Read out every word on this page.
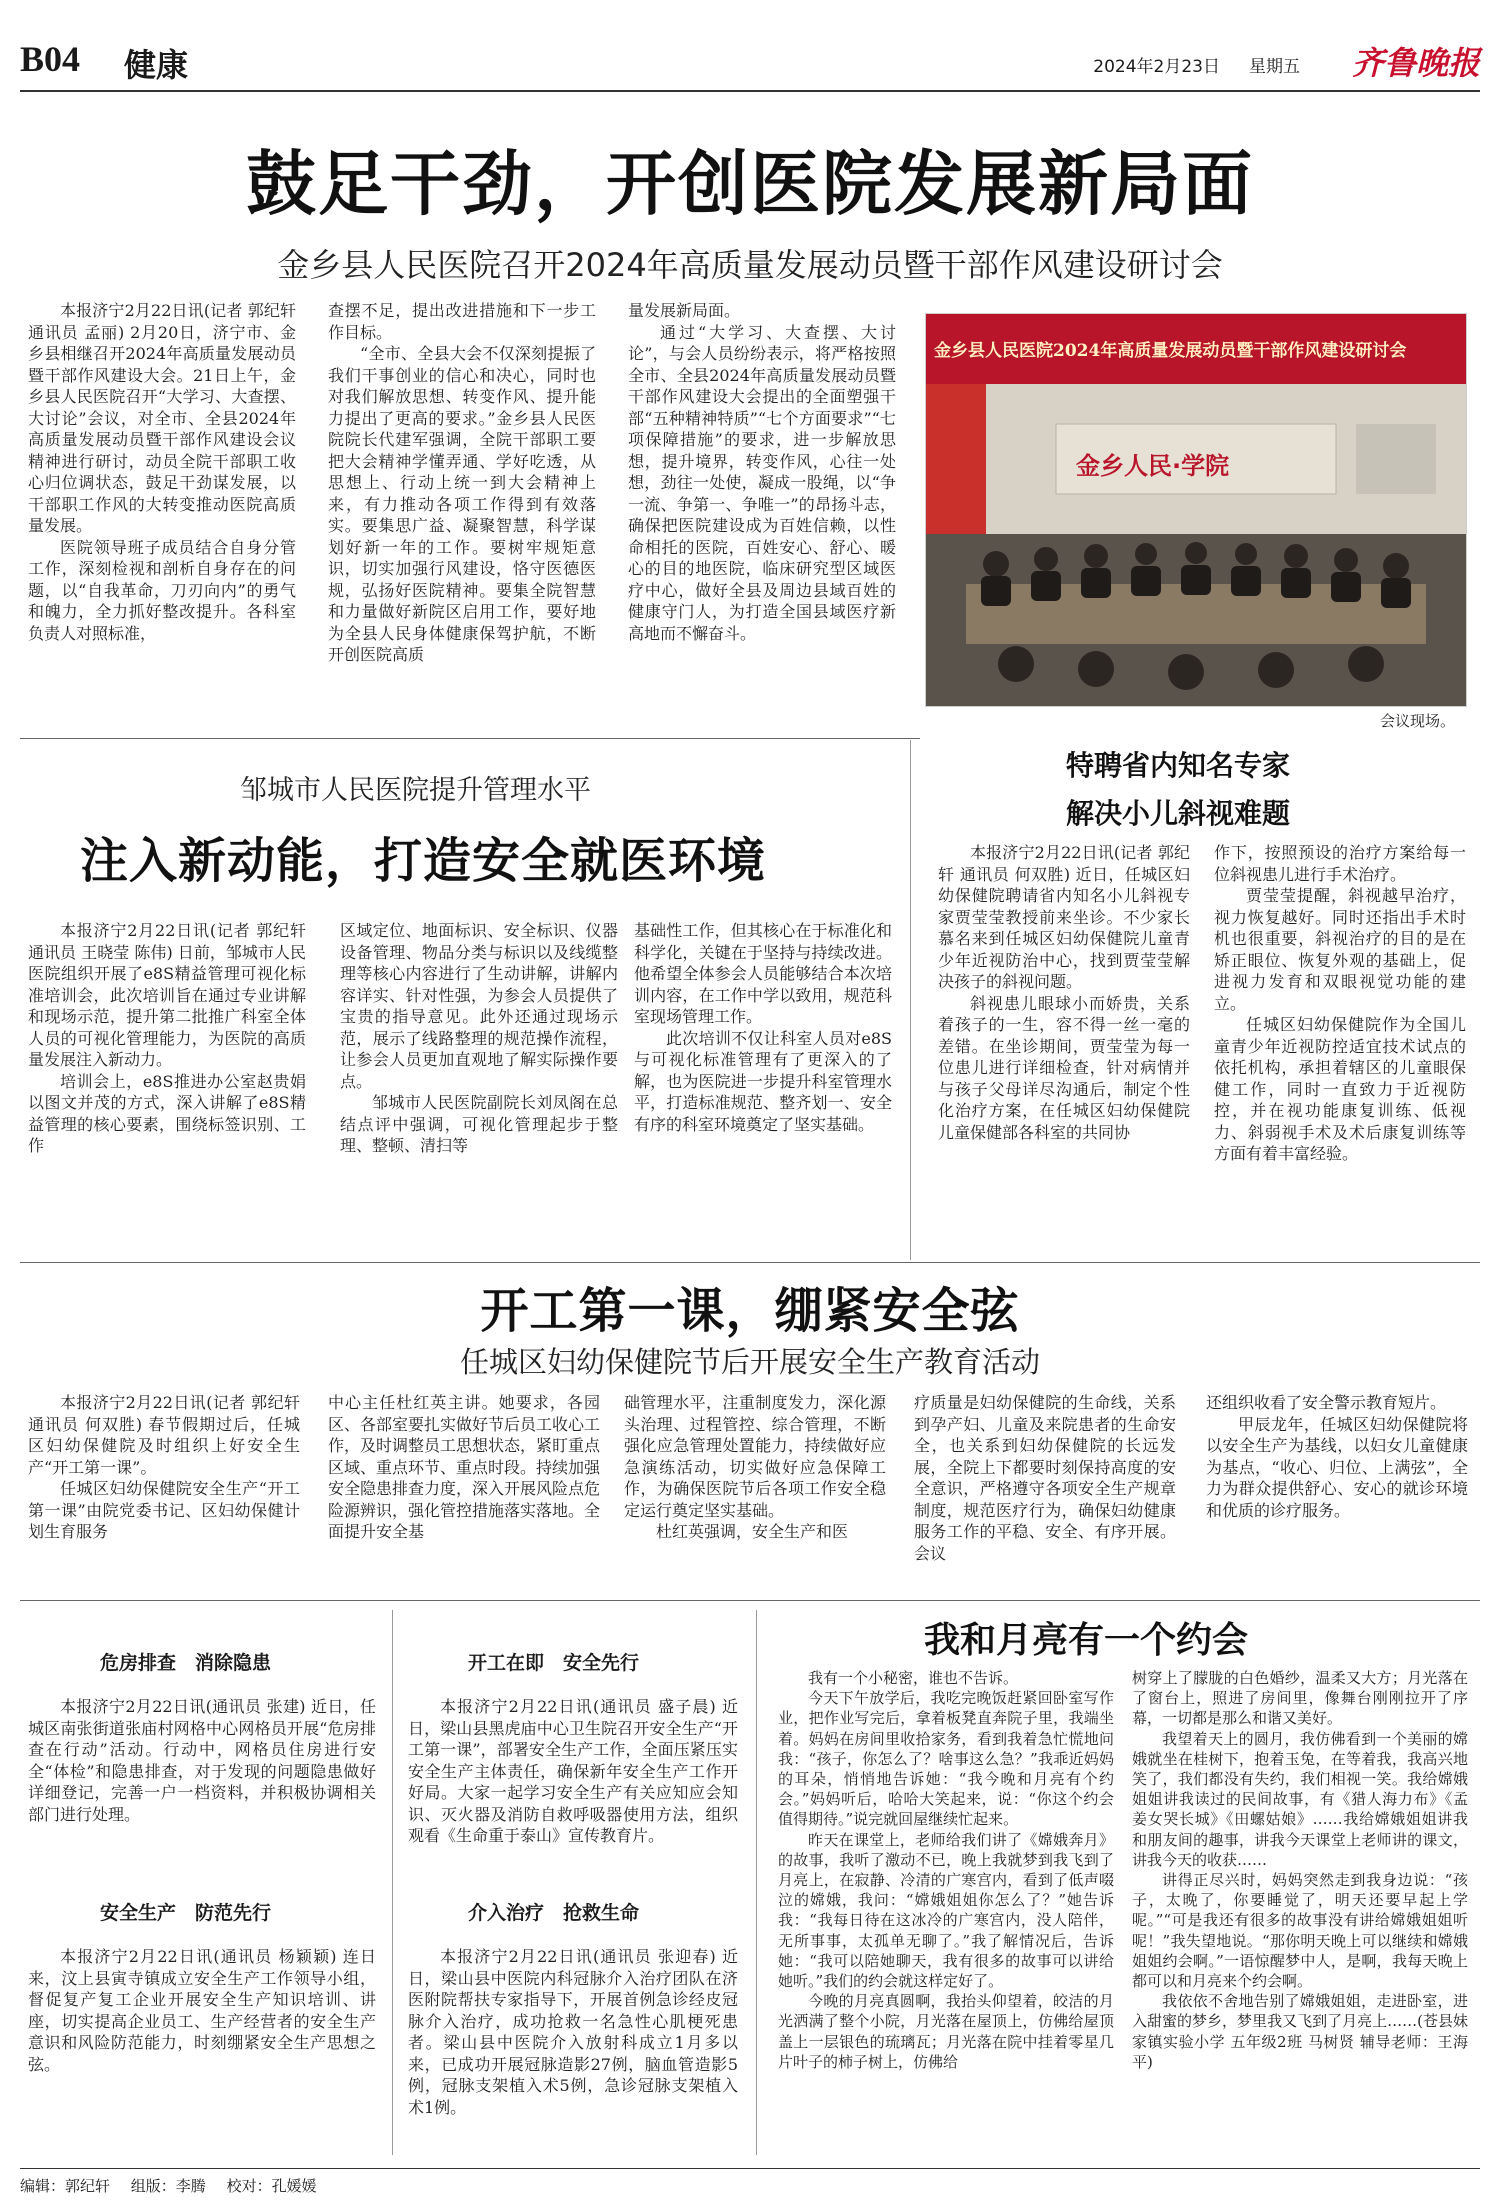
B04 健康	2024年2月23日 星期五 齐鲁晚报
鼓足干劲，开创医院发展新局面
金乡县人民医院召开2024年高质量发展动员暨干部作风建设研讨会

本报济宁2月22日讯(记者 郭纪轩 通讯员 孟丽) 2月20日，济宁市、金乡县相继召开2024年高质量发展动员暨干部作风建设大会。21日上午，金乡县人民医院召开“大学习、大查摆、大讨论”会议，对全市、全县2024年高质量发展动员暨干部作风建设会议精神进行研讨，动员全院干部职工收心归位调状态，鼓足干劲谋发展，以干部职工作风的大转变推动医院高质量发展。

医院领导班子成员结合自身分管工作，深刻检视和剖析自身存在的问题，以“自我革命，刀刃向内”的勇气和魄力，全力抓好整改提升。各科室负责人对照标准，

查摆不足，提出改进措施和下一步工作目标。

“全市、全县大会不仅深刻提振了我们干事创业的信心和决心，同时也对我们解放思想、转变作风、提升能力提出了更高的要求。”金乡县人民医院院长代建军强调，全院干部职工要把大会精神学懂弄通、学好吃透，从思想上、行动上统一到大会精神上来，有力推动各项工作得到有效落实。要集思广益、凝聚智慧，科学谋划好新一年的工作。要树牢规矩意识，切实加强行风建设，恪守医德医规，弘扬好医院精神。要集全院智慧和力量做好新院区启用工作，要好地为全县人民身体健康保驾护航，不断开创医院高质

量发展新局面。

通过“大学习、大查摆、大讨论”，与会人员纷纷表示，将严格按照全市、全县2024年高质量发展动员暨干部作风建设大会提出的全面塑强干部“五种精神特质”“七个方面要求”“七项保障措施”的要求，进一步解放思想，提升境界，转变作风，心往一处想，劲往一处使，凝成一股绳，以“争一流、争第一、争唯一”的昂扬斗志，确保把医院建设成为百姓信赖，以性命相托的医院，百姓安心、舒心、暖心的目的地医院，临床研究型区域医疗中心，做好全县及周边县域百姓的健康守门人，为打造全国县域医疗新高地而不懈奋斗。

金乡县人民医院2024年高质量发展动员暨干部作风建设研讨会
金乡人民·学院
会议现场。
邹城市人民医院提升管理水平
注入新动能，打造安全就医环境

本报济宁2月22日讯(记者 郭纪轩 通讯员 王晓莹 陈伟) 日前，邹城市人民医院组织开展了e8S精益管理可视化标准培训会，此次培训旨在通过专业讲解和现场示范，提升第二批推广科室全体人员的可视化管理能力，为医院的高质量发展注入新动力。

培训会上，e8S推进办公室赵贵娟以图文并茂的方式，深入讲解了e8S精益管理的核心要素，围绕标签识别、工作

区域定位、地面标识、安全标识、仪器设备管理、物品分类与标识以及线缆整理等核心内容进行了生动讲解，讲解内容详实、针对性强，为参会人员提供了宝贵的指导意见。此外还通过现场示范，展示了线路整理的规范操作流程，让参会人员更加直观地了解实际操作要点。

邹城市人民医院副院长刘凤阁在总结点评中强调，可视化管理起步于整理、整顿、清扫等

基础性工作，但其核心在于标准化和科学化，关键在于坚持与持续改进。他希望全体参会人员能够结合本次培训内容，在工作中学以致用，规范科室现场管理工作。

此次培训不仅让科室人员对e8S与可视化标准管理有了更深入的了解，也为医院进一步提升科室管理水平，打造标准规范、整齐划一、安全有序的科室环境奠定了坚实基础。

特聘省内知名专家
解决小儿斜视难题

本报济宁2月22日讯(记者 郭纪轩 通讯员 何双胜) 近日，任城区妇幼保健院聘请省内知名小儿斜视专家贾莹莹教授前来坐诊。不少家长慕名来到任城区妇幼保健院儿童青少年近视防治中心，找到贾莹莹解决孩子的斜视问题。

斜视患儿眼球小而娇贵，关系着孩子的一生，容不得一丝一毫的差错。在坐诊期间，贾莹莹为每一位患儿进行详细检查，针对病情并与孩子父母详尽沟通后，制定个性化治疗方案，在任城区妇幼保健院儿童保健部各科室的共同协

作下，按照预设的治疗方案给每一位斜视患儿进行手术治疗。

贾莹莹提醒，斜视越早治疗，视力恢复越好。同时还指出手术时机也很重要，斜视治疗的目的是在矫正眼位、恢复外观的基础上，促进视力发育和双眼视觉功能的建立。

任城区妇幼保健院作为全国儿童青少年近视防控适宜技术试点的依托机构，承担着辖区的儿童眼保健工作，同时一直致力于近视防控，并在视功能康复训练、低视力、斜弱视手术及术后康复训练等方面有着丰富经验。

开工第一课，绷紧安全弦
任城区妇幼保健院节后开展安全生产教育活动

本报济宁2月22日讯(记者 郭纪轩 通讯员 何双胜) 春节假期过后，任城区妇幼保健院及时组织上好安全生产“开工第一课”。

任城区妇幼保健院安全生产“开工第一课”由院党委书记、区妇幼保健计划生育服务

中心主任杜红英主讲。她要求，各园区、各部室要扎实做好节后员工收心工作，及时调整员工思想状态，紧盯重点区域、重点环节、重点时段。持续加强安全隐患排查力度，深入开展风险点危险源辨识，强化管控措施落实落地。全面提升安全基

础管理水平，注重制度发力，深化源头治理、过程管控、综合管理，不断强化应急管理处置能力，持续做好应急演练活动，切实做好应急保障工作，为确保医院节后各项工作安全稳定运行奠定坚实基础。

杜红英强调，安全生产和医

疗质量是妇幼保健院的生命线，关系到孕产妇、儿童及来院患者的生命安全，也关系到妇幼保健院的长远发展，全院上下都要时刻保持高度的安全意识，严格遵守各项安全生产规章制度，规范医疗行为，确保妇幼健康服务工作的平稳、安全、有序开展。会议

还组织收看了安全警示教育短片。

甲辰龙年，任城区妇幼保健院将以安全生产为基线，以妇女儿童健康为基点，“收心、归位、上满弦”，全力为群众提供舒心、安心的就诊环境和优质的诊疗服务。

危房排查　消除隐患

本报济宁2月22日讯(通讯员 张建) 近日，任城区南张街道张庙村网格中心网格员开展“危房排查在行动”活动。行动中，网格员住房进行安全“体检”和隐患排查，对于发现的问题隐患做好详细登记，完善一户一档资料，并积极协调相关部门进行处理。

安全生产　防范先行

本报济宁2月22日讯(通讯员 杨颖颖) 连日来，汶上县寅寺镇成立安全生产工作领导小组，督促复产复工企业开展安全生产知识培训、讲座，切实提高企业员工、生产经营者的安全生产意识和风险防范能力，时刻绷紧安全生产思想之弦。

开工在即　安全先行

本报济宁2月22日讯(通讯员 盛子晨) 近日，梁山县黑虎庙中心卫生院召开安全生产“开工第一课”，部署安全生产工作，全面压紧压实安全生产主体责任，确保新年安全生产工作开好局。大家一起学习安全生产有关应知应会知识、灭火器及消防自救呼吸器使用方法，组织观看《生命重于泰山》宣传教育片。

介入治疗　抢救生命

本报济宁2月22日讯(通讯员 张迎春) 近日，梁山县中医院内科冠脉介入治疗团队在济医附院帮扶专家指导下，开展首例急诊经皮冠脉介入治疗，成功抢救一名急性心肌梗死患者。梁山县中医院介入放射科成立1月多以来，已成功开展冠脉造影27例，脑血管造影5例，冠脉支架植入术5例，急诊冠脉支架植入术1例。

我和月亮有一个约会

我有一个小秘密，谁也不告诉。

今天下午放学后，我吃完晚饭赶紧回卧室写作业，把作业写完后，拿着板凳直奔院子里，我端坐着。妈妈在房间里收拾家务，看到我着急忙慌地问我：“孩子，你怎么了？啥事这么急？”我乖近妈妈的耳朵，悄悄地告诉她：“我今晚和月亮有个约会。”妈妈听后，哈哈大笑起来，说：“你这个约会值得期待。”说完就回屋继续忙起来。

昨天在课堂上，老师给我们讲了《嫦娥奔月》的故事，我听了激动不已，晚上我就梦到我飞到了月亮上，在寂静、冷清的广寒宫内，看到了低声啜泣的嫦娥，我问：“嫦娥姐姐你怎么了？”她告诉我：“我每日待在这冰冷的广寒宫内，没人陪伴，无所事事，太孤单无聊了。”我了解情况后，告诉她：“我可以陪她聊天，我有很多的故事可以讲给她听。”我们的约会就这样定好了。

今晚的月亮真圆啊，我抬头仰望着，皎洁的月光洒满了整个小院，月光落在屋顶上，仿佛给屋顶盖上一层银色的琉璃瓦；月光落在院中挂着零星几片叶子的柿子树上，仿佛给

树穿上了朦胧的白色婚纱，温柔又大方；月光落在了窗台上，照进了房间里，像舞台刚刚拉开了序幕，一切都是那么和谐又美好。

我望着天上的圆月，我仿佛看到一个美丽的嫦娥就坐在桂树下，抱着玉兔，在等着我，我高兴地笑了，我们都没有失约，我们相视一笑。我给嫦娥姐姐讲我读过的民间故事，有《猎人海力布》《孟姜女哭长城》《田螺姑娘》……我给嫦娥姐姐讲我和朋友间的趣事，讲我今天课堂上老师讲的课文，讲我今天的收获……

讲得正尽兴时，妈妈突然走到我身边说：“孩子，太晚了，你要睡觉了，明天还要早起上学呢。”“可是我还有很多的故事没有讲给嫦娥姐姐听呢！”我失望地说。“那你明天晚上可以继续和嫦娥姐姐约会啊。”一语惊醒梦中人，是啊，我每天晚上都可以和月亮来个约会啊。

我依依不舍地告别了嫦娥姐姐，走进卧室，进入甜蜜的梦乡，梦里我又飞到了月亮上……(苍县妹家镇实验小学 五年级2班 马树贤 辅导老师：王海平)

编辑：郭纪轩 组版：李腾 校对：孔媛媛
